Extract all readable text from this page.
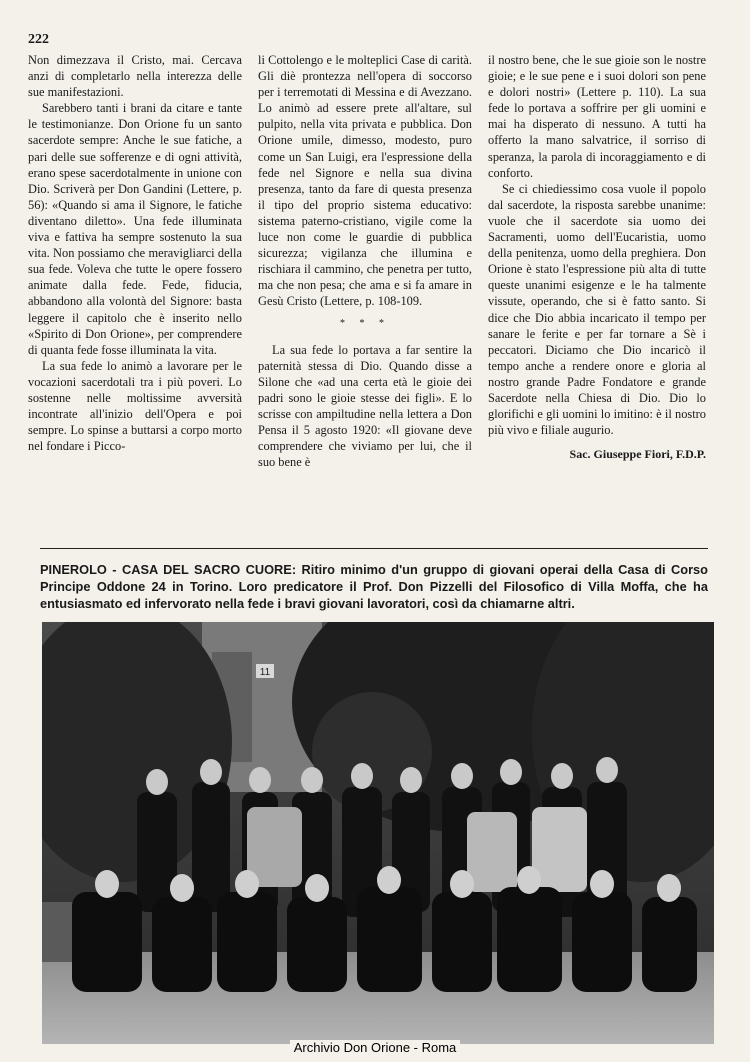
222

Non dimezzava il Cristo, mai. Cercava anzi di completarlo nella interezza delle sue manifestazioni.

Sarebbero tanti i brani da citare e tante le testimonianze. Don Orione fu un santo sacerdote sempre: Anche le sue fatiche, a pari delle sue sofferenze e di ogni attività, erano spese sacerdotalmente in unione con Dio. Scriverà per Don Gandini (Lettere, p. 56): «Quando si ama il Signore, le fatiche diventano diletto». Una fede illuminata viva e fattiva ha sempre sostenuto la sua vita. Non possiamo che meravigliarci della sua fede. Voleva che tutte le opere fossero animate dalla fede. Fede, fiducia, abbandono alla volontà del Signore: basta leggere il capitolo che è inserito nello «Spirito di Don Orione», per comprendere di quanta fede fosse illuminata la vita.

La sua fede lo animò a lavorare per le vocazioni sacerdotali tra i più poveri. Lo sostenne nelle moltissime avversità incontrate all'inizio dell'Opera e poi sempre. Lo spinse a buttarsi a corpo morto nel fondare i Picco-

li Cottolengo e le molteplici Case di carità. Gli diè prontezza nell'opera di soccorso per i terremotati di Messina e di Avezzano. Lo animò ad essere prete all'altare, sul pulpito, nella vita privata e pubblica. Don Orione umile, dimesso, modesto, puro come un San Luigi, era l'espressione della fede nel Signore e nella sua divina presenza, tanto da fare di questa presenza il tipo del proprio sistema educativo: sistema paterno-cristiano, vigile come la luce non come le guardie di pubblica sicurezza; vigilanza che illumina e rischiara il cammino, che penetra per tutto, ma che non pesa; che ama e si fa amare in Gesù Cristo (Lettere, p. 108-109.

* * *

La sua fede lo portava a far sentire la paternità stessa di Dio. Quando disse a Silone che «ad una certa età le gioie dei padri sono le gioie stesse dei figli». E lo scrisse con ampiltudine nella lettera a Don Pensa il 5 agosto 1920: «Il giovane deve comprendere che viviamo per lui, che il suo bene è

il nostro bene, che le sue gioie son le nostre gioie; e le sue pene e i suoi dolori son pene e dolori nostri» (Lettere p. 110). La sua fede lo portava a soffrire per gli uomini e mai ha disperato di nessuno. A tutti ha offerto la mano salvatrice, il sorriso di speranza, la parola di incoraggiamento e di conforto.

Se ci chiediessimo cosa vuole il popolo dal sacerdote, la risposta sarebbe unanime: vuole che il sacerdote sia uomo dei Sacramenti, uomo dell'Eucaristia, uomo della penitenza, uomo della preghiera. Don Orione è stato l'espressione più alta di tutte queste unanimi esigenze e le ha talmente vissute, operando, che si è fatto santo. Si dice che Dio abbia incaricato il tempo per sanare le ferite e per far tornare a Sè i peccatori. Diciamo che Dio incaricò il tempo anche a rendere onore e gloria al nostro grande Padre Fondatore e grande Sacerdote nella Chiesa di Dio. Dio lo glorifichi e gli uomini lo imitino: è il nostro più vivo e filiale augurio.

Sac. Giuseppe Fiori, F.D.P.
PINEROLO - CASA DEL SACRO CUORE: Ritiro minimo d'un gruppo di giovani operai della Casa di Corso Principe Oddone 24 in Torino. Loro predicatore il Prof. Don Pizzelli del Filosofico di Villa Moffa, che ha entusiasmato ed infervorato nella fede i bravi giovani lavoratori, così da chiamarne altri.
11
Archivio Don Orione - Roma
